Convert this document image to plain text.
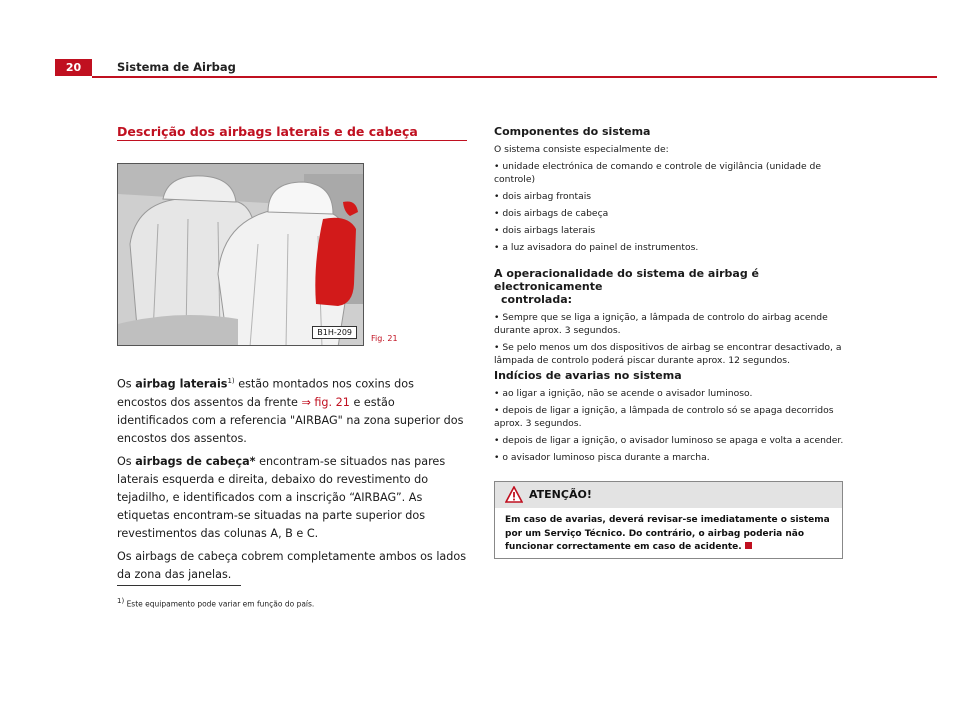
20	Sistema de Airbag
Descrição dos airbags laterais e de cabeça
B1H-209
Fig. 21

Os airbag laterais$^{1)}$ estão montados nos coxins dos encostos dos assentos da frente ⇒ fig. 21 e estão identificados com a referencia "AIRBAG" na zona superior dos encostos dos assentos.

Os airbags de cabeça* encontram-se situados nas pares laterais esquerda e direita, debaixo do revestimento do tejadilho, e identificados com a inscrição “AIRBAG”. As etiquetas encontram-se situadas na parte superior dos revestimentos das colunas A, B e C.

Os airbags de cabeça cobrem completamente ambos os lados da zona das janelas.

$^{1)}$ Este equipamento pode variar em função do país.

Componentes do sistema

O sistema consiste especialmente de:

• unidade electrónica de comando e controle de vigilância (unidade de controle)

• dois airbag frontais

• dois airbags de cabeça

• dois airbags laterais

• a luz avisadora do painel de instrumentos.

A operacionalidade do sistema de airbag é electronicamente

controlada:

• Sempre que se liga a ignição, a lâmpada de controlo do airbag acende durante aprox. 3 segundos.

• Se pelo menos um dos dispositivos de airbag se encontrar desactivado, a lâmpada de controlo poderá piscar durante aprox. 12 segundos.

Indícios de avarias no sistema

• ao ligar a ignição, não se acende o avisador luminoso.

• depois de ligar a ignição, a lâmpada de controlo só se apaga decorridos aprox. 3 segundos.

• depois de ligar a ignição, o avisador luminoso se apaga e volta a acender.

• o avisador luminoso pisca durante a marcha.

ATENÇÃO!
Em caso de avarias, deverá revisar-se imediatamente o sistema por um Serviço Técnico. Do contrário, o airbag poderia não funcionar correctamente em caso de acidente.
